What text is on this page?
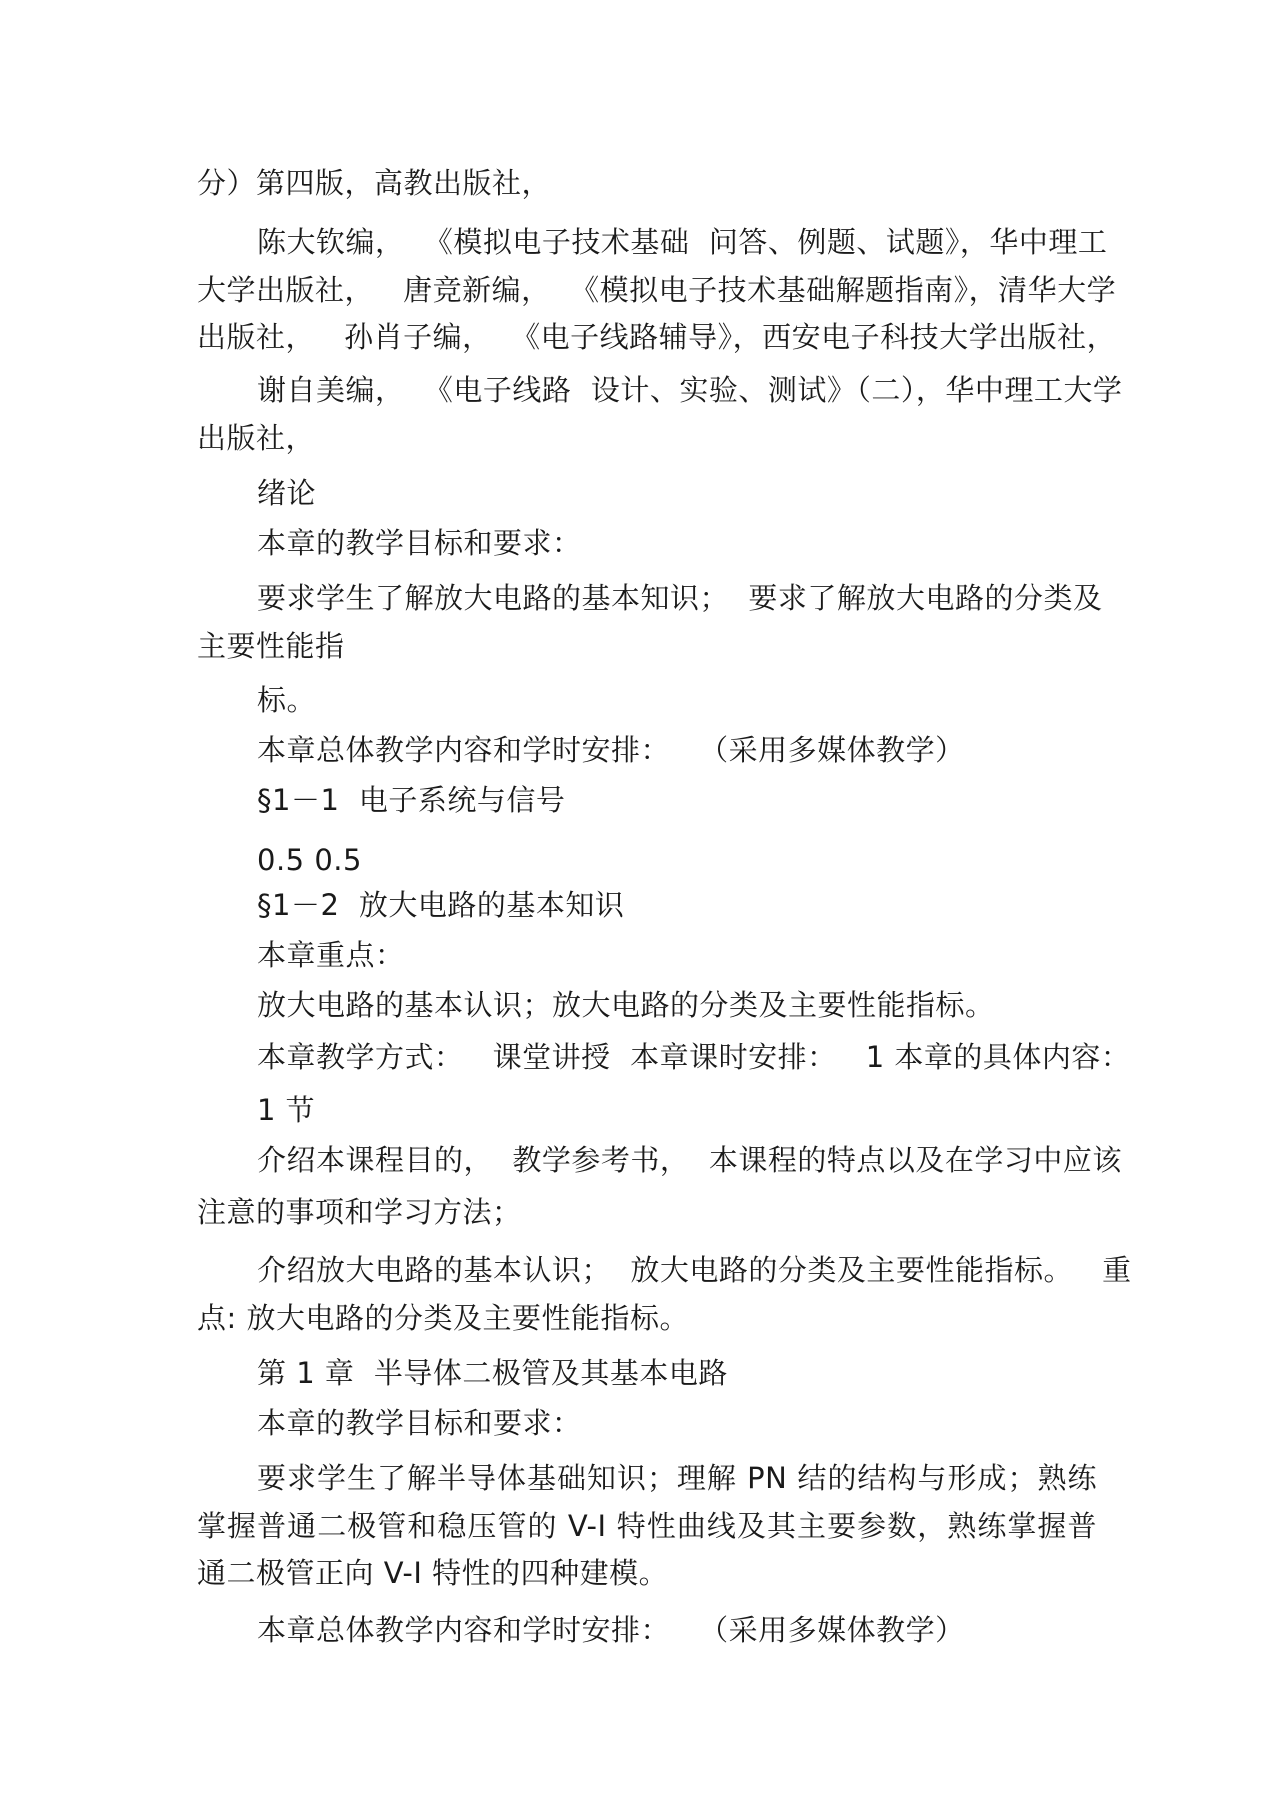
分）第四版，高教出版社，
陈大钦编，  《模拟电子技术基础  问答、例题、试题》，华中理工
大学出版社，   唐竞新编，  《模拟电子技术基础解题指南》，清华大学
出版社，   孙肖子编，  《电子线路辅导》，西安电子科技大学出版社，
谢自美编，  《电子线路  设计、实验、测试》（二），华中理工大学
出版社，
绪论
本章的教学目标和要求：
要求学生了解放大电路的基本知识；  要求了解放大电路的分类及
主要性能指
标。
本章总体教学内容和学时安排：   （采用多媒体教学）
§1－1  电子系统与信号
0.5 0.5
§1－2  放大电路的基本知识
本章重点：
放大电路的基本认识；放大电路的分类及主要性能指标。
本章教学方式：   课堂讲授  本章课时安排：   1 本章的具体内容：
1 节
介绍本课程目的，  教学参考书，  本课程的特点以及在学习中应该
注意的事项和学习方法；
介绍放大电路的基本认识；  放大电路的分类及主要性能指标。   重
点: 放大电路的分类及主要性能指标。
第 1 章  半导体二极管及其基本电路
本章的教学目标和要求：
要求学生了解半导体基础知识；理解 PN 结的结构与形成；熟练
掌握普通二极管和稳压管的 V-I 特性曲线及其主要参数，熟练掌握普
通二极管正向 V-I 特性的四种建模。
本章总体教学内容和学时安排：   （采用多媒体教学）
